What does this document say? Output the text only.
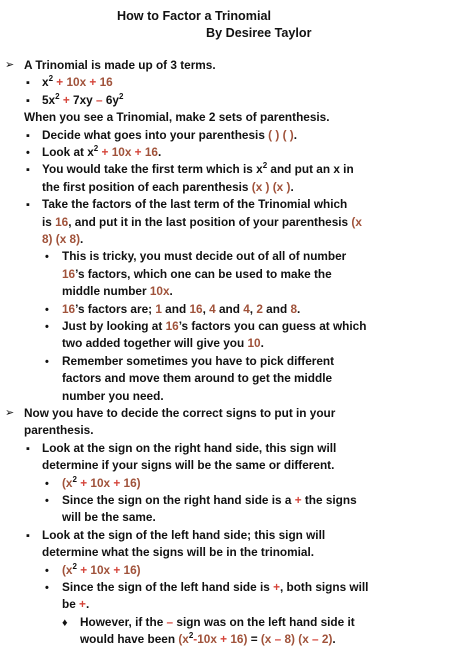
How to Factor a Trinomial
By Desiree Taylor
A Trinomial is made up of 3 terms.
$x^2 + 10x + 16$
$5x^2 + 7xy - 6y^2$
When you see a Trinomial, make 2 sets of parenthesis.
Decide what goes into your parenthesis ( ) ( ).
Look at $x^2 + 10x + 16$.
You would take the first term which is $x^2$ and put an x in
the first position of each parenthesis (x ) (x ).
Take the factors of the last term of the Trinomial which
is 16, and put it in the last position of your parenthesis (x
8) (x 8).
This is tricky, you must decide out of all of number
16’s factors, which one can be used to make the
middle number 10x.
16’s factors are; 1 and 16, 4 and 4, 2 and 8.
Just by looking at 16’s factors you can guess at which
two added together will give you 10.
Remember sometimes you have to pick different
factors and move them around to get the middle
number you need.
Now you have to decide the correct signs to put in your
parenthesis.
Look at the sign on the right hand side, this sign will
determine if your signs will be the same or different.
$(x^2 + 10x + 16)$
Since the sign on the right hand side is a + the signs
will be the same.
Look at the sign of the left hand side; this sign will
determine what the signs will be in the trinomial.
$(x^2 + 10x + 16)$
Since the sign of the left hand side is +, both signs will
be +.
However, if the – sign was on the left hand side it
would have been $(x^2-10x + 16) = (x - 8)$ (x – 2).
➢
▪
▪
▪
•
▪
▪
•
•
•
•
➢
▪
•
•
▪
•
•
♦
